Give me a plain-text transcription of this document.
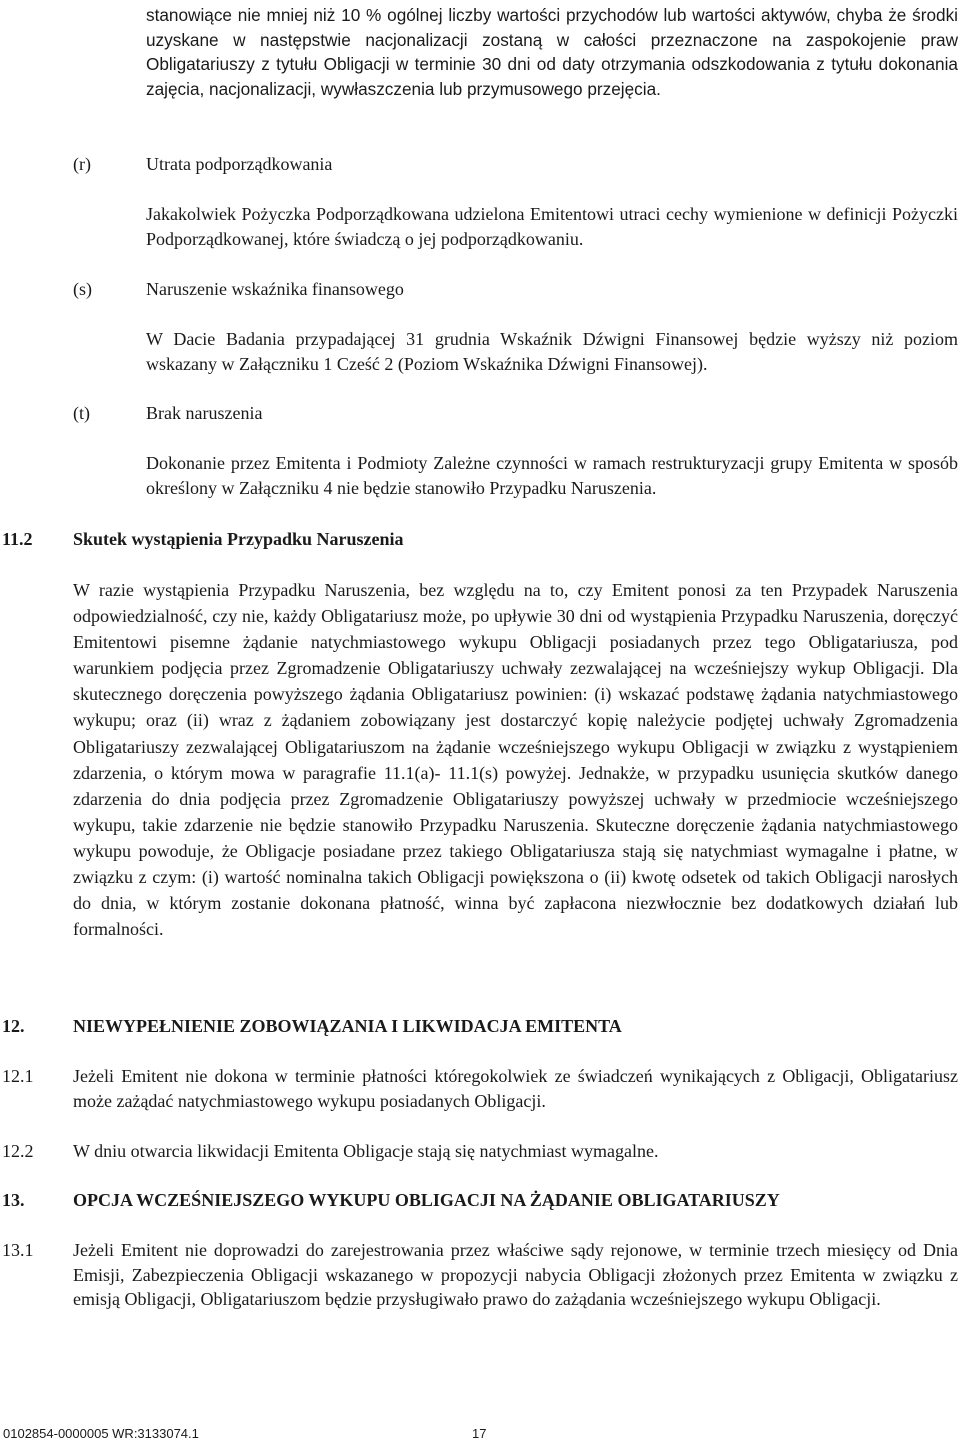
stanowiące nie mniej niż 10 % ogólnej liczby wartości przychodów lub wartości aktywów, chyba że środki uzyskane w następstwie nacjonalizacji zostaną w całości przeznaczone na zaspokojenie praw Obligatariuszy z tytułu Obligacji w terminie 30 dni od daty otrzymania odszkodowania z tytułu dokonania zajęcia, nacjonalizacji, wywłaszczenia lub przymusowego przejęcia.

(r)	Utrata podporządkowania

Jakakolwiek Pożyczka Podporządkowana udzielona Emitentowi utraci cechy wymienione w definicji Pożyczki Podporządkowanej, które świadczą o jej podporządkowaniu.

(s)	Naruszenie wskaźnika finansowego

W Dacie Badania przypadającej 31 grudnia Wskaźnik Dźwigni Finansowej będzie wyższy niż poziom wskazany w Załączniku 1 Cześć 2 (Poziom Wskaźnika Dźwigni Finansowej).

(t)	Brak naruszenia

Dokonanie przez Emitenta i Podmioty Zależne czynności w ramach restrukturyzacji grupy Emitenta w sposób określony w Załączniku 4 nie będzie stanowiło Przypadku Naruszenia.

11.2 Skutek wystąpienia Przypadku Naruszenia

W razie wystąpienia Przypadku Naruszenia, bez względu na to, czy Emitent ponosi za ten Przypadek Naruszenia odpowiedzialność, czy nie, każdy Obligatariusz może, po upływie 30 dni od wystąpienia Przypadku Naruszenia, doręczyć Emitentowi pisemne żądanie natychmiastowego wykupu Obligacji posiadanych przez tego Obligatariusza, pod warunkiem podjęcia przez Zgromadzenie Obligatariuszy uchwały zezwalającej na wcześniejszy wykup Obligacji. Dla skutecznego doręczenia powyższego żądania Obligatariusz powinien: (i) wskazać podstawę żądania natychmiastowego wykupu; oraz (ii) wraz z żądaniem zobowiązany jest dostarczyć kopię należycie podjętej uchwały Zgromadzenia Obligatariuszy zezwalającej Obligatariuszom na żądanie wcześniejszego wykupu Obligacji w związku z wystąpieniem zdarzenia, o którym mowa w paragrafie 11.1(a)- 11.1(s) powyżej. Jednakże, w przypadku usunięcia skutków danego zdarzenia do dnia podjęcia przez Zgromadzenie Obligatariuszy powyższej uchwały w przedmiocie wcześniejszego wykupu, takie zdarzenie nie będzie stanowiło Przypadku Naruszenia. Skuteczne doręczenie żądania natychmiastowego wykupu powoduje, że Obligacje posiadane przez takiego Obligatariusza stają się natychmiast wymagalne i płatne, w związku z czym: (i) wartość nominalna takich Obligacji powiększona o (ii) kwotę odsetek od takich Obligacji narosłych do dnia, w którym zostanie dokonana płatność, winna być zapłacona niezwłocznie bez dodatkowych działań lub formalności.

12.	NIEWYPEŁNIENIE ZOBOWIĄZANIA I LIKWIDACJA EMITENTA
12.1 Jeżeli Emitent nie dokona w terminie płatności któregokolwiek ze świadczeń wynikających z Obligacji, Obligatariusz może zażądać natychmiastowego wykupu posiadanych Obligacji.

12.2 W dniu otwarcia likwidacji Emitenta Obligacje stają się natychmiast wymagalne.

13.	OPCJA WCZEŚNIEJSZEGO WYKUPU OBLIGACJI NA ŻĄDANIE OBLIGATARIUSZY
13.1 Jeżeli Emitent nie doprowadzi do zarejestrowania przez właściwe sądy rejonowe, w terminie trzech miesięcy od Dnia Emisji, Zabezpieczenia Obligacji wskazanego w propozycji nabycia Obligacji złożonych przez Emitenta w związku z emisją Obligacji, Obligatariuszom będzie przysługiwało prawo do zażądania wcześniejszego wykupu Obligacji.

0102854-0000005 WR:3133074.1	17
